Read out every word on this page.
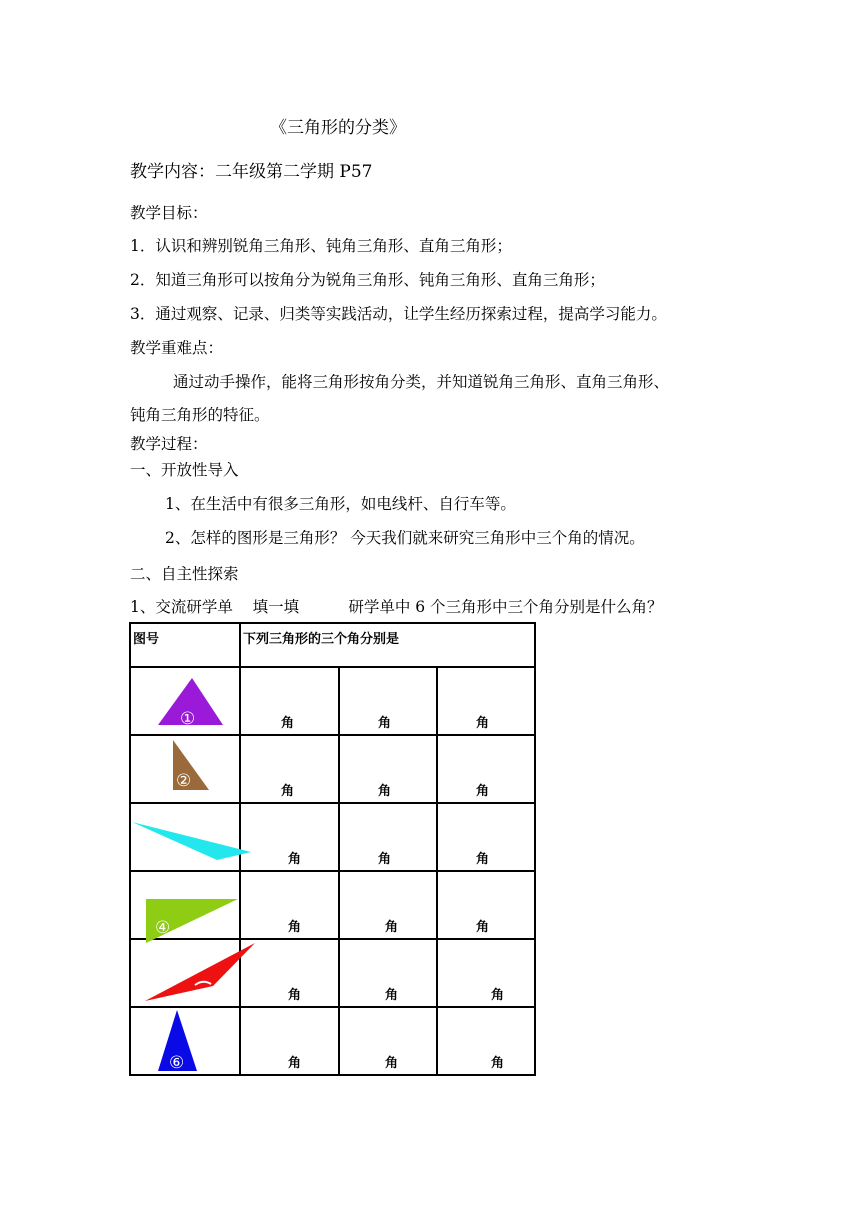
《三角形的分类》
教学内容：二年级第二学期 P57
教学目标：
1．认识和辨别锐角三角形、钝角三角形、直角三角形；
2．知道三角形可以按角分为锐角三角形、钝角三角形、直角三角形；
3．通过观察、记录、归类等实践活动，让学生经历探索过程，提高学习能力。
教学重难点：
通过动手操作，能将三角形按角分类，并知道锐角三角形、直角三角形、
钝角三角形的特征。
教学过程：
一、开放性导入
1、在生活中有很多三角形，如电线杆、自行车等。
2、怎样的图形是三角形？ 今天我们就来研究三角形中三个角的情况。
二、自主性探索
1、交流研学单    填一填          研学单中 6 个三角形中三个角分别是什么角？
图号	下列三角形的三个角分别是		

①	角	角	角

②	角	角	角

角	角	角

④	角	角	角

角	角	角

⑥	角	角	角
